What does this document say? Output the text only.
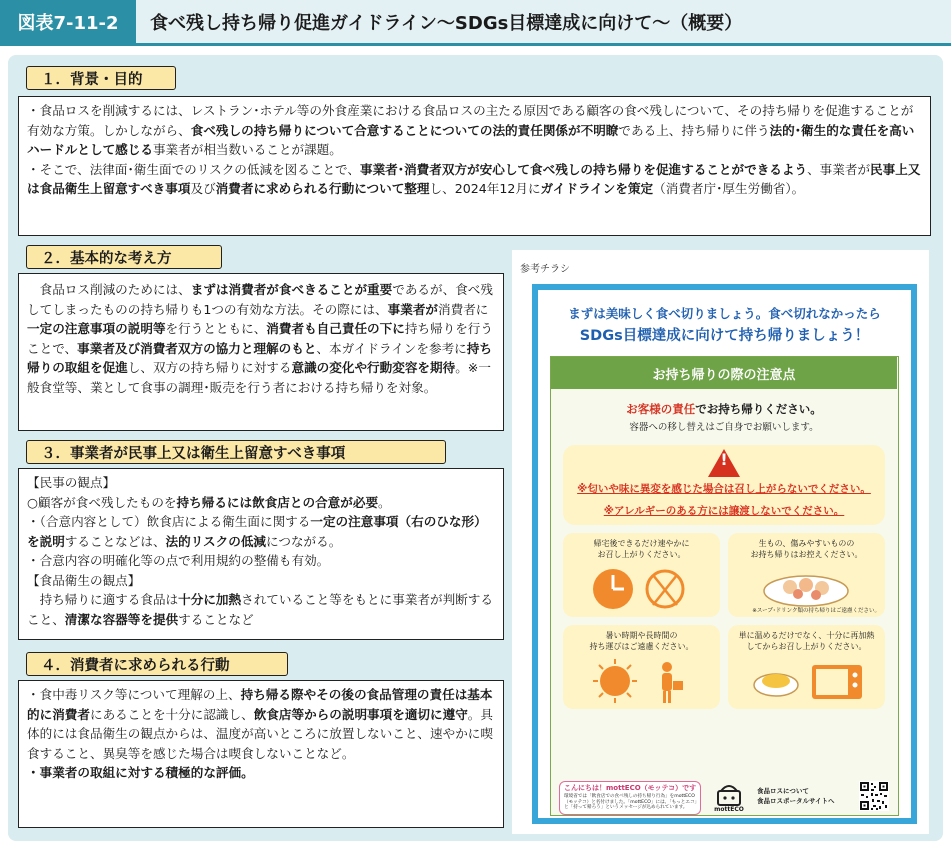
図表7-11-2	食べ残し持ち帰り促進ガイドライン～SDGs目標達成に向けて～（概要）
１．背景・目的

・食品ロスを削減するには、レストラン･ホテル等の外食産業における食品ロスの主たる原因である顧客の食べ残しについて、その持ち帰りを促進することが有効な方策。しかしながら、食べ残しの持ち帰りについて合意することについての法的責任関係が不明瞭である上、持ち帰りに伴う法的･衛生的な責任を高いハードルとして感じる事業者が相当数いることが課題。

・そこで、法律面･衛生面でのリスクの低減を図ることで、事業者･消費者双方が安心して食べ残しの持ち帰りを促進することができるよう、事業者が民事上又は食品衛生上留意すべき事項及び消費者に求められる行動について整理し、2024年12月にガイドラインを策定（消費者庁･厚生労働省）。

２．基本的な考え方

食品ロス削減のためには、まずは消費者が食べきることが重要であるが、食べ残してしまったものの持ち帰りも1つの有効な方法。その際には、事業者が消費者に一定の注意事項の説明等を行うとともに、消費者も自己責任の下に持ち帰りを行うことで、事業者及び消費者双方の協力と理解のもと、本ガイドラインを参考に持ち帰りの取組を促進し、双方の持ち帰りに対する意識の変化や行動変容を期待。※一般食堂等、業として食事の調理･販売を行う者における持ち帰りを対象。

３．事業者が民事上又は衛生上留意すべき事項

【民事の観点】

○顧客が食べ残したものを持ち帰るには飲食店との合意が必要。

・（合意内容として）飲食店による衛生面に関する一定の注意事項（右のひな形）を説明することなどは、法的リスクの低減につながる。

・合意内容の明確化等の点で利用規約の整備も有効。

【食品衛生の観点】

持ち帰りに適する食品は十分に加熱されていること等をもとに事業者が判断すること、清潔な容器等を提供することなど

４．消費者に求められる行動

・食中毒リスク等について理解の上、持ち帰る際やその後の食品管理の責任は基本的に消費者にあることを十分に認識し、飲食店等からの説明事項を適切に遵守。具体的には食品衛生の観点からは、温度が高いところに放置しないこと、速やかに喫食すること、異臭等を感じた場合は喫食しないことなど。

・事業者の取組に対する積極的な評価。

参考チラシ
まずは美味しく食べ切りましょう。食べ切れなかったら
SDGs目標達成に向けて持ち帰りましょう！
お持ち帰りの際の注意点
お客様の責任でお持ち帰りください。
容器への移し替えはご自身でお願いします。
!
※匂いや味に異変を感じた場合は召し上がらないでください。
※アレルギーのある方には譲渡しないでください。
帰宅後できるだけ速やかに
お召し上がりください。
生もの、傷みやすいものの
お持ち帰りはお控えください。
※スープ･ドリンク類の持ち帰りはご遠慮ください。
暑い時期や長時間の
持ち運びはご遠慮ください。
単に温めるだけでなく、十分に再加熱
してからお召し上がりください。
こんにちは！mottECO（モッテコ）です
環境省では「飲食店での食べ残しの持ち帰り行為」をmottECO（モッテコ）と名付けました。「mottECO」には、「もっとエコ」と「持って帰ろう」というメッセージが込められています。	mottECO
食品ロスについて
食品ロスポータルサイトへ
